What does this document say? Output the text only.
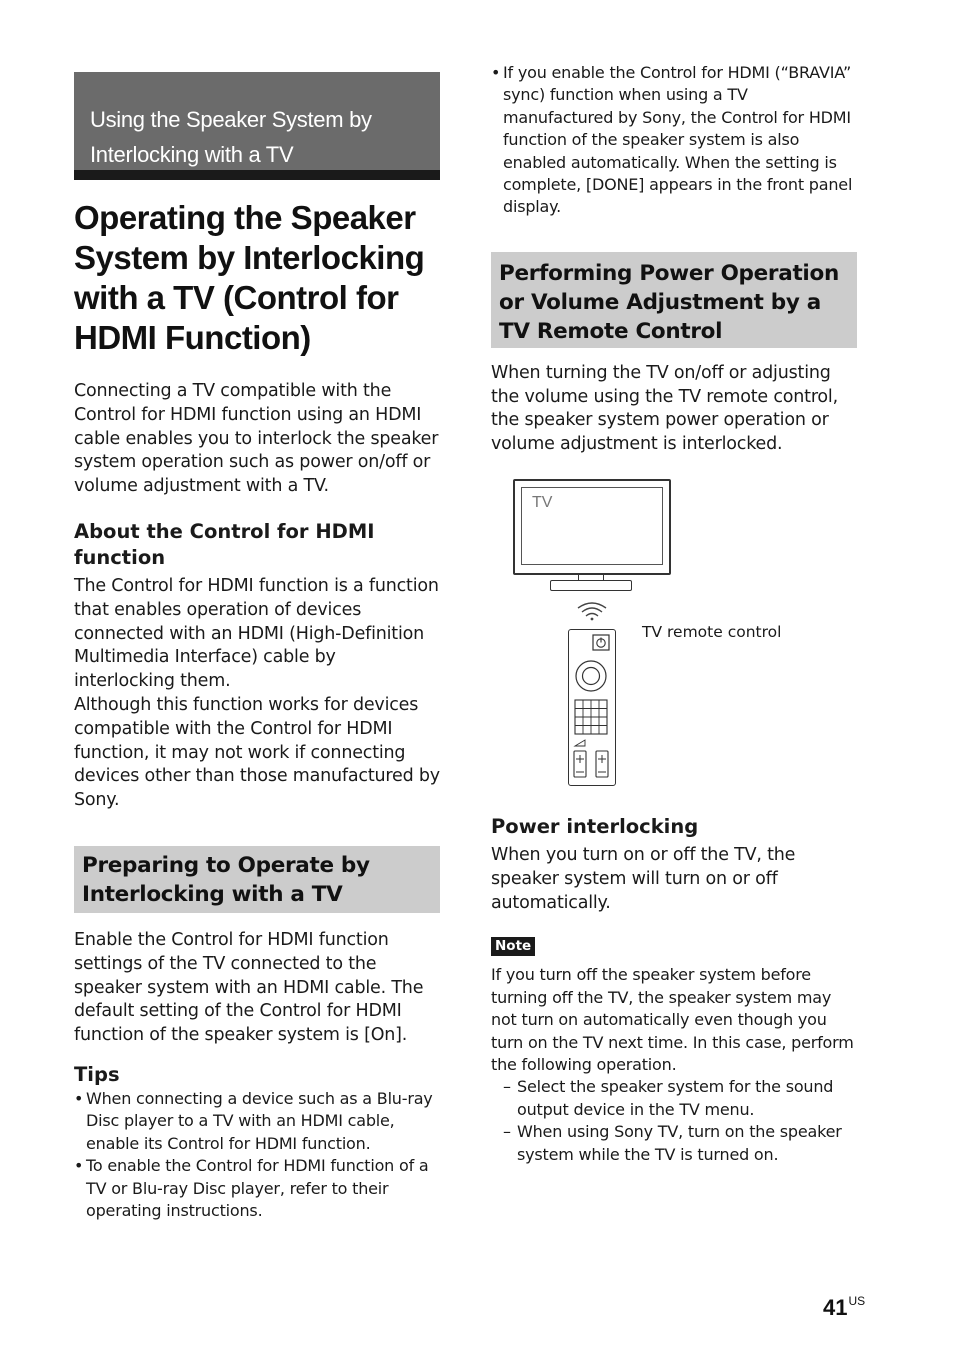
Using the Speaker System by
Interlocking with a TV
Operating the Speaker
System by Interlocking
with a TV (Control for
HDMI Function)

Connecting a TV compatible with the Control for HDMI function using an HDMI cable enables you to interlock the speaker system operation such as power on/off or volume adjustment with a TV.

About the Control for HDMI function

The Control for HDMI function is a function that enables operation of devices connected with an HDMI (High-Definition Multimedia Interface) cable by interlocking them.

Although this function works for devices compatible with the Control for HDMI function, it may not work if connecting devices other than those manufactured by Sony.

Preparing to Operate by Interlocking with a TV

Enable the Control for HDMI function settings of the TV connected to the speaker system with an HDMI cable. The default setting of the Control for HDMI function of the speaker system is [On].

Tips
• When connecting a device such as a Blu-ray Disc player to a TV with an HDMI cable, enable its Control for HDMI function.
• To enable the Control for HDMI function of a TV or Blu-ray Disc player, refer to their operating instructions.
• If you enable the Control for HDMI (“BRAVIA” sync) function when using a TV manufactured by Sony, the Control for HDMI function of the speaker system is also enabled automatically. When the setting is complete, [DONE] appears in the front panel display.
Performing Power Operation or Volume Adjustment by a TV Remote Control

When turning the TV on/off or adjusting the volume using the TV remote control, the speaker system power operation or volume adjustment is interlocked.

TV
TV remote control
Power interlocking

When you turn on or off the TV, the speaker system will turn on or off automatically.

Note

If you turn off the speaker system before turning off the TV, the speaker system may not turn on automatically even though you turn on the TV next time. In this case, perform the following operation.

– Select the speaker system for the sound output device in the TV menu.
– When using Sony TV, turn on the speaker system while the TV is turned on.
$41^{US}$
